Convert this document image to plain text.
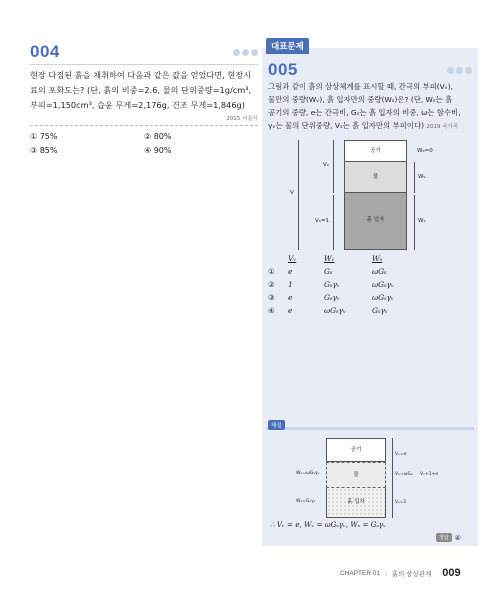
004
현장 다짐된 흙을 채취하여 다음과 같은 값을 얻었다면, 현장시
료의 포화도는? (단, 흙의 비중=2.6, 물의 단위중량=1g/cm³,
부피=1,150cm³, 습윤 무게=2,176g, 건조 무게=1,846g)
2015 서울시
① 75%	② 80%
③ 85%	④ 90%
대표문제
005
그림과 같이 흙의 삼상체계를 표시할 때, 간극의 부피(Vᵥ),
물만의 중량(Wᵥ), 흙 입자만의 중량(Wₛ)은? (단, Wₛ는 흙
공기의 중량, e는 간극비, Gₛ는 흙 입자의 비중, ω는 함수비,
γᵥ는 물의 단위중량, Vₛ는 흙 입자만의 부피이다) 2019 국가직
공기
물
흙 입자
V
Vᵥ
Vₛ=1
Wₐ=0
Wᵥ
Wₛ
Vᵥ	Wᵥ	Wₛ
①	e	Gₛ	ωGₛ
②	1	Gₛγᵥ	ωGₛγᵥ
③	e	Gₛγᵥ	ωGₛγᵥ
④	e	ωGₛγᵥ	Gₛγᵥ
해설
공기
물
흙 입자
Wᵥ=ωGₛγᵥ
Wₛ=Gₛγᵥ
Vᵥ=e
Vᵥ=ωGₛ Vᵥ+1+e
Vₛ=1
∴ Vᵥ = e, Wᵥ = ωGₛγᵥ, Wₛ = Gₛγᵥ
정답 ④
CHAPTER 01 | 흙의 삼상관계 009
